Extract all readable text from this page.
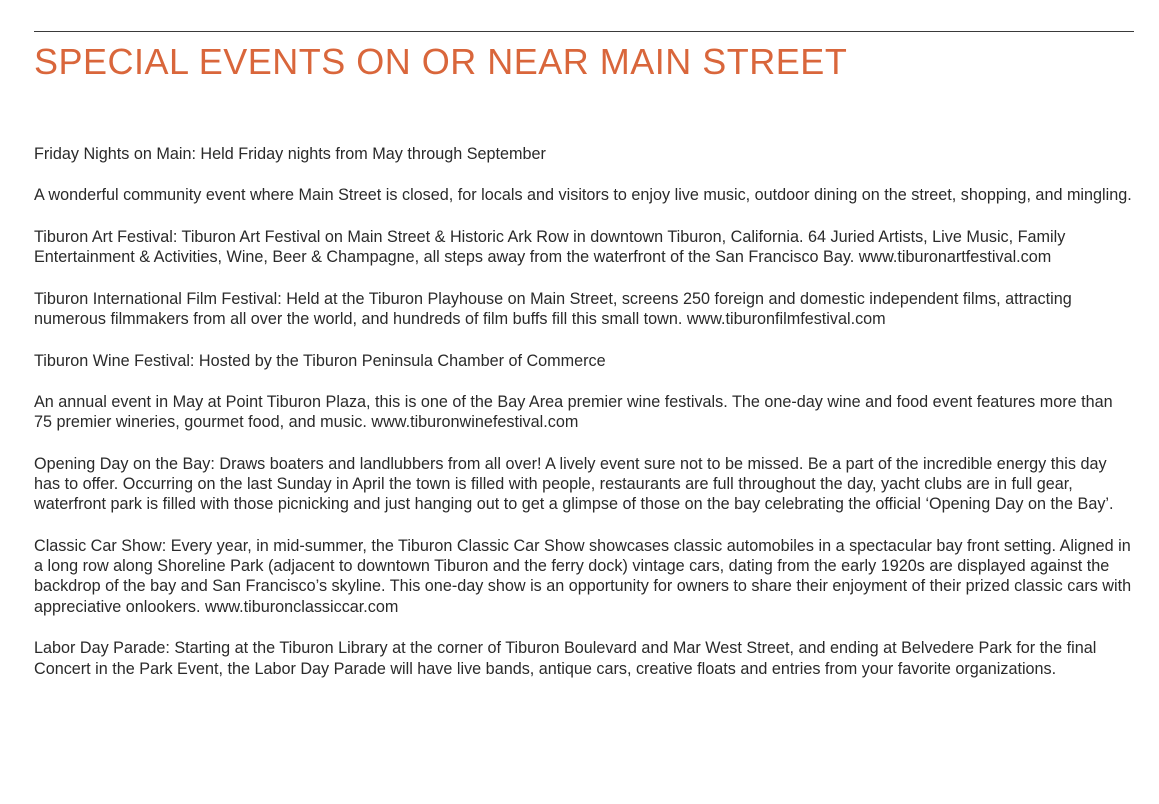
SPECIAL EVENTS ON OR NEAR MAIN STREET

Friday Nights on Main: Held Friday nights from May through September

A wonderful community event where Main Street is closed, for locals and visitors to enjoy live music, outdoor dining on the street, shopping, and mingling.

Tiburon Art Festival: Tiburon Art Festival on Main Street & Historic Ark Row in downtown Tiburon, California. 64 Juried Artists, Live Music, Family Entertainment & Activities, Wine, Beer & Champagne, all steps away from the waterfront of the San Francisco Bay. www.tiburonartfestival.com

Tiburon International Film Festival: Held at the Tiburon Playhouse on Main Street, screens 250 foreign and domestic independent films, attracting numerous filmmakers from all over the world, and hundreds of film buffs fill this small town. www.tiburonfilmfestival.com

Tiburon Wine Festival: Hosted by the Tiburon Peninsula Chamber of Commerce

An annual event in May at Point Tiburon Plaza, this is one of the Bay Area premier wine festivals. The one-day wine and food event features more than 75 premier wineries, gourmet food, and music. www.tiburonwinefestival.com

Opening Day on the Bay: Draws boaters and landlubbers from all over! A lively event sure not to be missed. Be a part of the incredible energy this day has to offer. Occurring on the last Sunday in April the town is filled with people, restaurants are full throughout the day, yacht clubs are in full gear, waterfront park is filled with those picnicking and just hanging out to get a glimpse of those on the bay celebrating the official ‘Opening Day on the Bay’.

Classic Car Show: Every year, in mid-summer, the Tiburon Classic Car Show showcases classic automobiles in a spectacular bay front setting. Aligned in a long row along Shoreline Park (adjacent to downtown Tiburon and the ferry dock) vintage cars, dating from the early 1920s are displayed against the backdrop of the bay and San Francisco’s skyline. This one-day show is an opportunity for owners to share their enjoyment of their prized classic cars with appreciative onlookers. www.tiburonclassiccar.com

Labor Day Parade: Starting at the Tiburon Library at the corner of Tiburon Boulevard and Mar West Street, and ending at Belvedere Park for the final Concert in the Park Event, the Labor Day Parade will have live bands, antique cars, creative floats and entries from your favorite organizations.
